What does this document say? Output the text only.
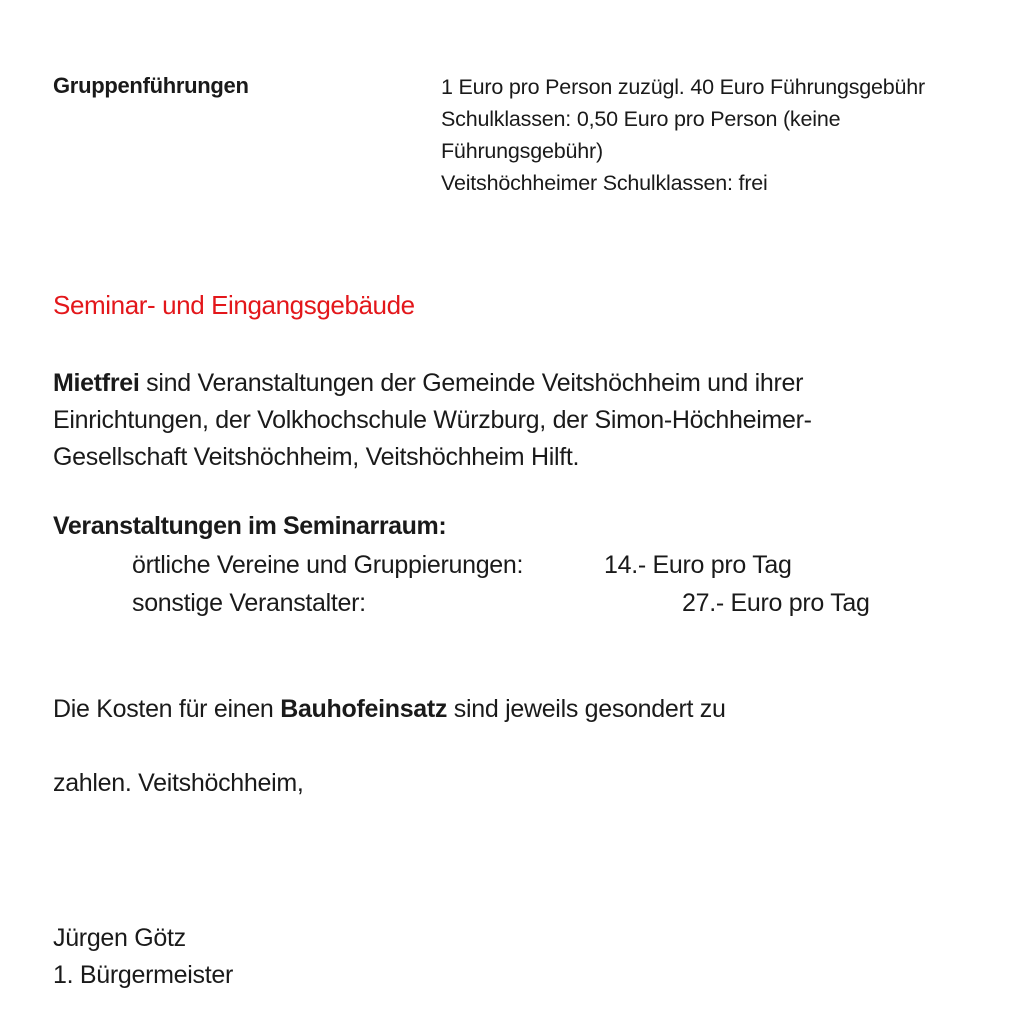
Gruppenführungen	1 Euro pro Person zuzügl. 40 Euro Führungsgebühr
Schulklassen: 0,50 Euro pro Person (keine
Führungsgebühr)
Veitshöchheimer Schulklassen: frei
Seminar- und Eingangsgebäude
Mietfrei sind Veranstaltungen der Gemeinde Veitshöchheim und ihrer
Einrichtungen, der Volkhochschule Würzburg, der Simon-Höchheimer-
Gesellschaft Veitshöchheim, Veitshöchheim Hilft.
Veranstaltungen im Seminarraum:
örtliche Vereine und Gruppierungen:	14.- Euro pro Tag
sonstige Veranstalter:	27.- Euro pro Tag
Die Kosten für einen Bauhofeinsatz sind jeweils gesondert zu
zahlen. Veitshöchheim,
Jürgen Götz
1. Bürgermeister
